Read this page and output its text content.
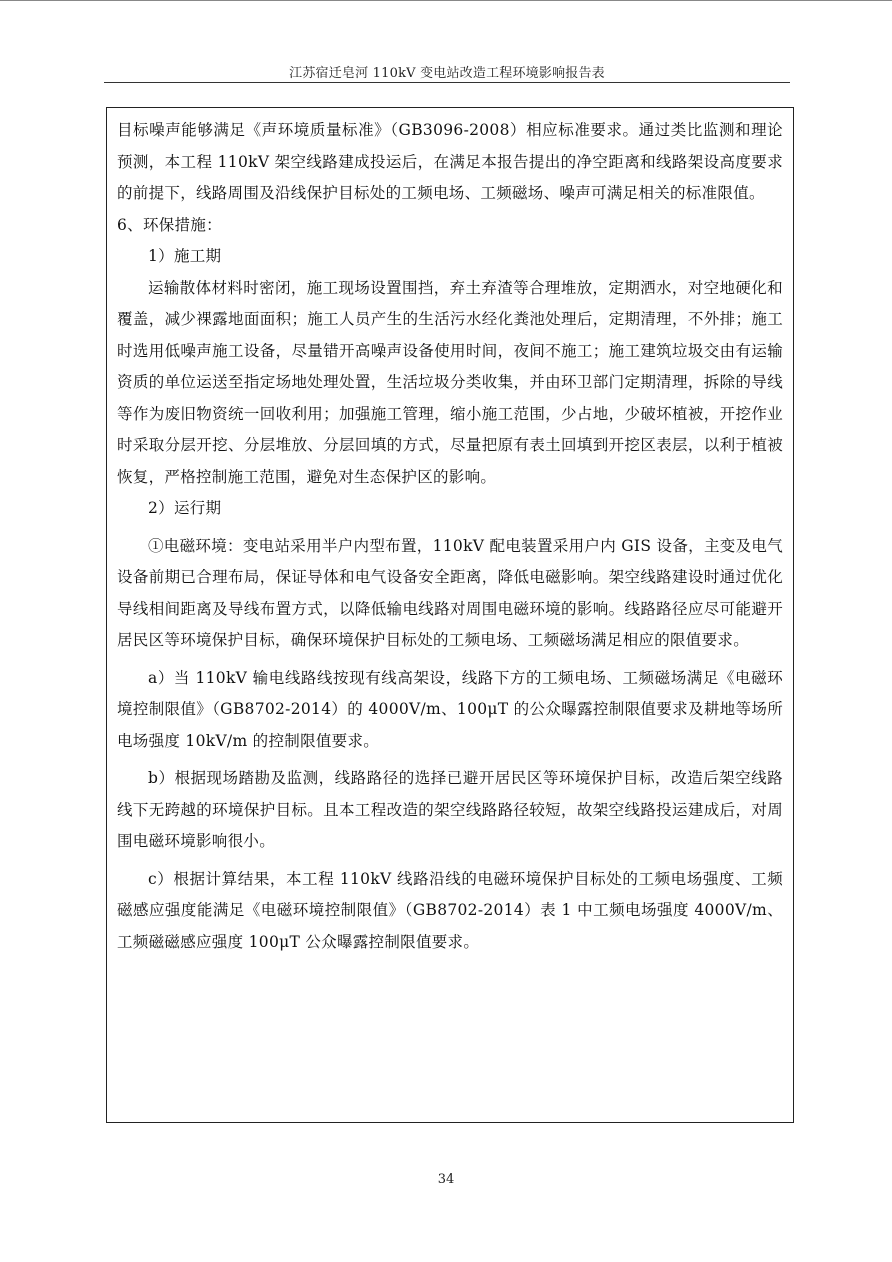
江苏宿迁皂河 110kV 变电站改造工程环境影响报告表

目标噪声能够满足《声环境质量标准》（GB3096-2008）相应标准要求。通过类比监测和理论预测，本工程 110kV 架空线路建成投运后，在满足本报告提出的净空距离和线路架设高度要求的前提下，线路周围及沿线保护目标处的工频电场、工频磁场、噪声可满足相关的标准限值。

6、环保措施：

1）施工期

运输散体材料时密闭，施工现场设置围挡，弃土弃渣等合理堆放，定期洒水，对空地硬化和覆盖，减少裸露地面面积；施工人员产生的生活污水经化粪池处理后，定期清理，不外排；施工时选用低噪声施工设备，尽量错开高噪声设备使用时间，夜间不施工；施工建筑垃圾交由有运输资质的单位运送至指定场地处理处置，生活垃圾分类收集，并由环卫部门定期清理，拆除的导线等作为废旧物资统一回收利用；加强施工管理，缩小施工范围，少占地，少破坏植被，开挖作业时采取分层开挖、分层堆放、分层回填的方式，尽量把原有表土回填到开挖区表层，以利于植被恢复，严格控制施工范围，避免对生态保护区的影响。

2）运行期

①电磁环境：变电站采用半户内型布置，110kV 配电装置采用户内 GIS 设备，主变及电气设备前期已合理布局，保证导体和电气设备安全距离，降低电磁影响。架空线路建设时通过优化导线相间距离及导线布置方式，以降低输电线路对周围电磁环境的影响。线路路径应尽可能避开居民区等环境保护目标，确保环境保护目标处的工频电场、工频磁场满足相应的限值要求。

a）当 110kV 输电线路线按现有线高架设，线路下方的工频电场、工频磁场满足《电磁环境控制限值》（GB8702-2014）的 4000V/m、100μT 的公众曝露控制限值要求及耕地等场所电场强度 10kV/m 的控制限值要求。

b）根据现场踏勘及监测，线路路径的选择已避开居民区等环境保护目标，改造后架空线路线下无跨越的环境保护目标。且本工程改造的架空线路路径较短，故架空线路投运建成后，对周围电磁环境影响很小。

c）根据计算结果，本工程 110kV 线路沿线的电磁环境保护目标处的工频电场强度、工频磁感应强度能满足《电磁环境控制限值》（GB8702-2014）表 1 中工频电场强度 4000V/m、工频磁磁感应强度 100μT 公众曝露控制限值要求。

34
